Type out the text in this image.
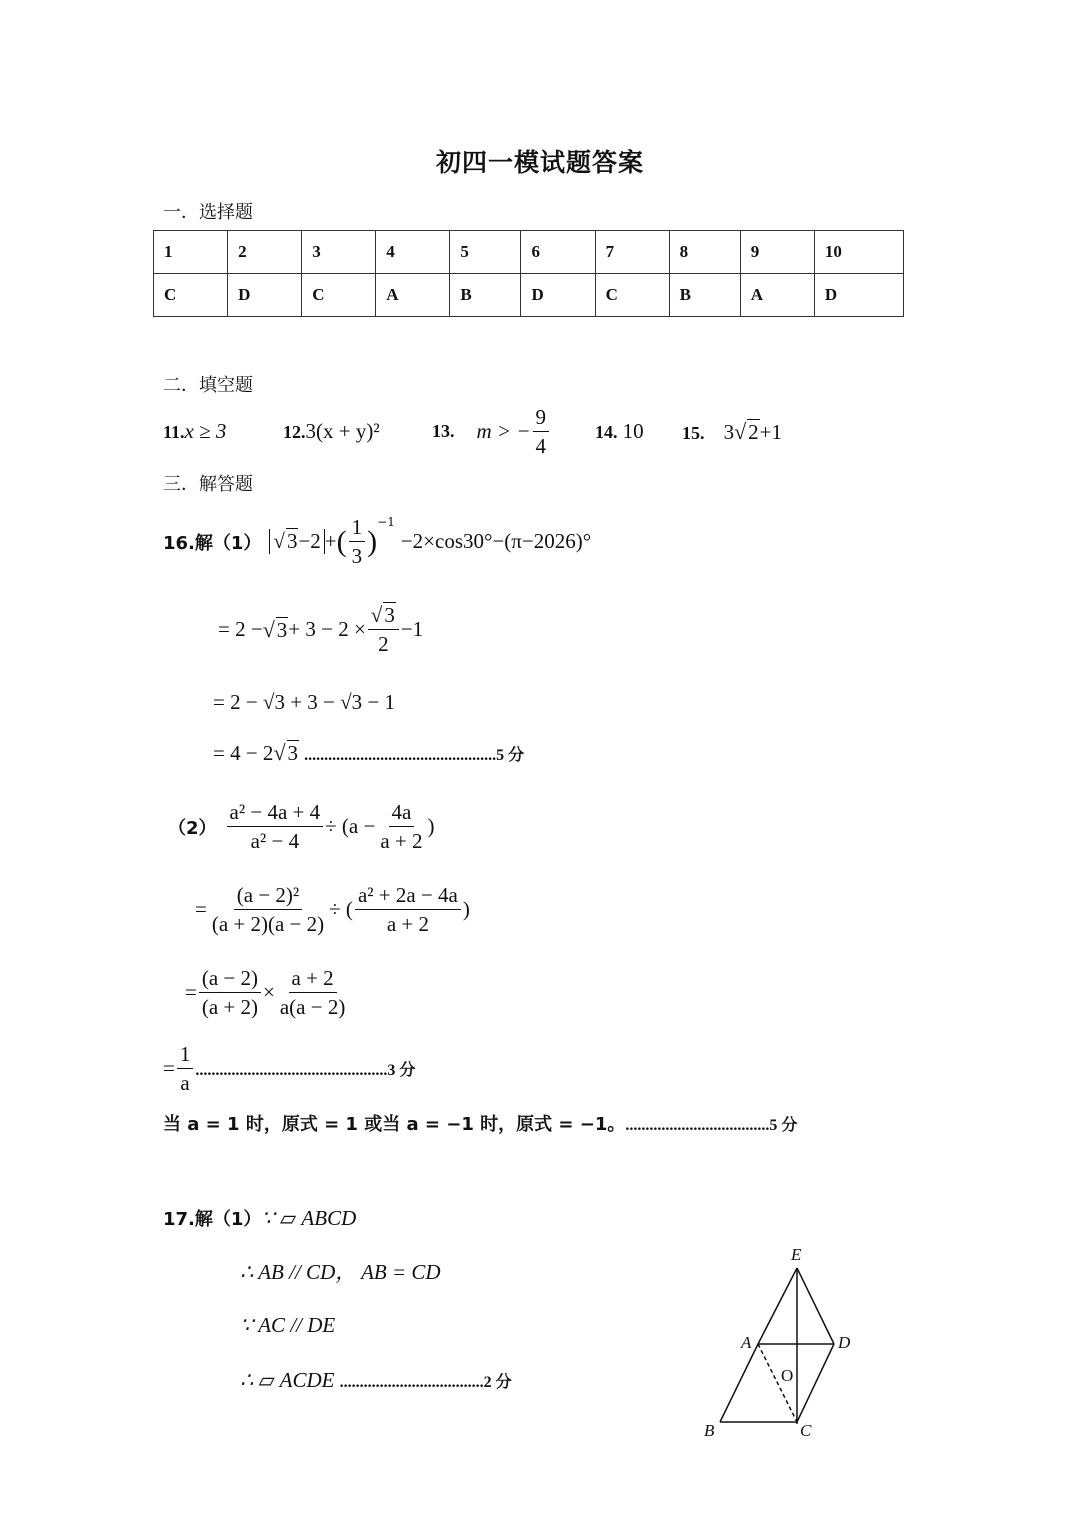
初四一模试题答案
一．选择题
1	2	3	4	5	6	7	8	9	10
C	D	C	A	B	D	C	B	A	D
二．填空题
11.x ≥ 3	12.3(x + y)²	13. m > − $\frac{9}{4}$	14. 10 15. 3√2+1
三．解答题
16.解（1） √3−2 + ( $\frac{1}{3}$ )
$^{-1}$
−2×cos30°−(π−2026)°
= 2 − √ $3 + 3 - 2 \times \frac{√3}{2} -1$
= 2 − √3 + 3 − √3 − 1
= 4 − 2√3 ................................................5 分
$(2) \frac{\text{a² − 4a + 4}}{\text{a² − 4}} \div (a - \frac{4a}{a + 2}$ )
= $\frac{\text{(a − 2)²}}{(a + 2)(a - 2)}$ ÷ ( $\frac{\text{a² + 2a − 4a}}{a + 2}$ )
= $\frac{(a - 2)}{(a + 2)} \times \frac{a + 2}{a(a - 2)}$
= $\frac{1}{a} ................................................3$ 分
当 a = 1 时，原式 = 1 或当 a = −1 时，原式 = −1。....................................5 分
17.解（1）∵ ▱ ABCD
∴ AB // CD， AB = CD
∵ AC // DE
∴ ▱ ACDE ....................................2 分
E
A	D
O
B	C
